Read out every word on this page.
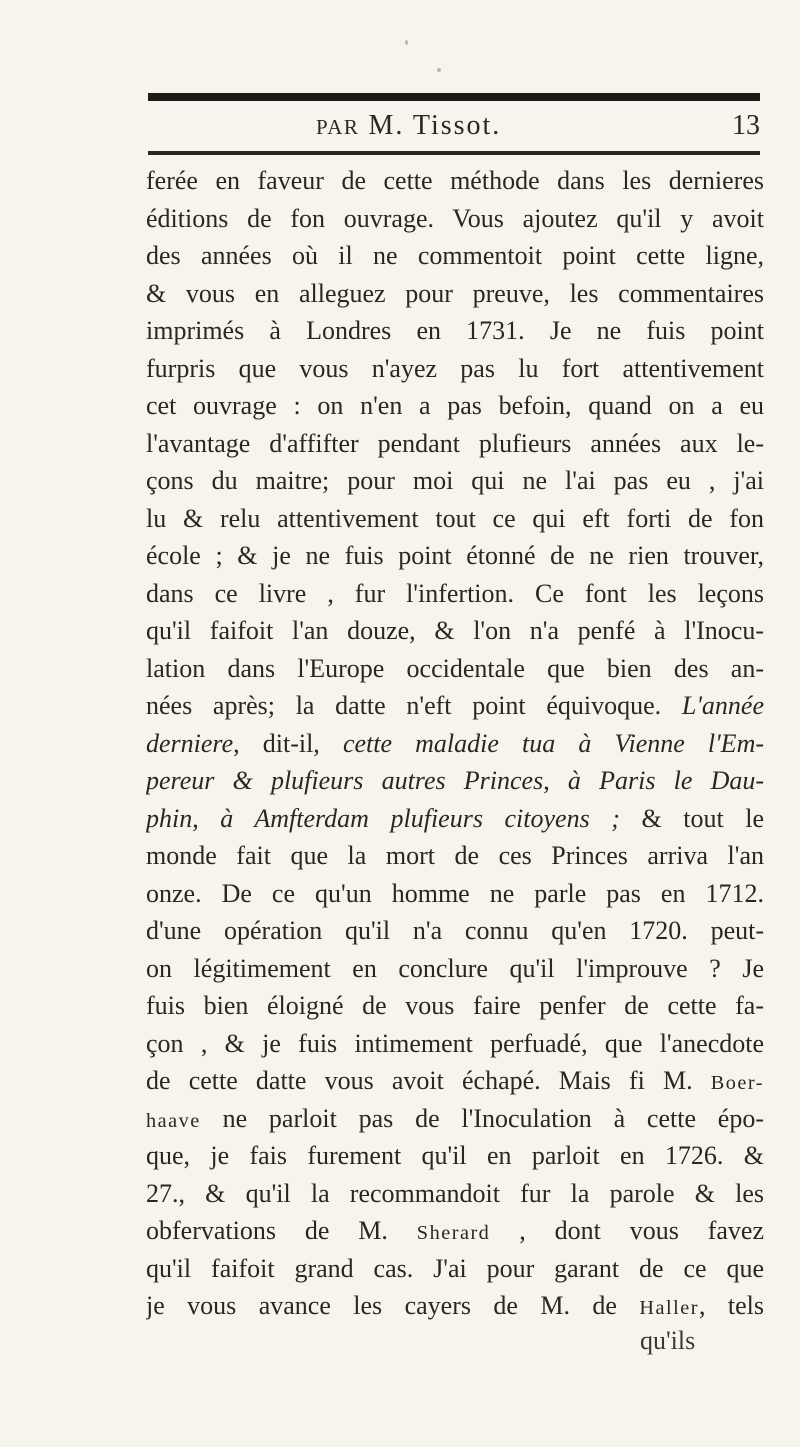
PAR M. Tissot.	13
ferée en faveur de cette méthode dans les dernieres
éditions de fon ouvrage. Vous ajoutez qu'il y avoit
des années où il ne commentoit point cette ligne,
& vous en alleguez pour preuve, les commentaires
imprimés à Londres en 1731. Je ne fuis point
furpris que vous n'ayez pas lu fort attentivement
cet ouvrage : on n'en a pas befoin, quand on a eu
l'avantage d'affifter pendant plufieurs années aux le-
çons du maitre; pour moi qui ne l'ai pas eu , j'ai
lu & relu attentivement tout ce qui eft forti de fon
école ; & je ne fuis point étonné de ne rien trouver,
dans ce livre , fur l'infertion. Ce font les leçons
qu'il faifoit l'an douze, & l'on n'a penfé à l'Inocu-
lation dans l'Europe occidentale que bien des an-
nées après; la datte n'eft point équivoque. L'année
derniere, dit-il, cette maladie tua à Vienne l'Em-
pereur & plufieurs autres Princes, à Paris le Dau-
phin, à Amfterdam plufieurs citoyens ; & tout le
monde fait que la mort de ces Princes arriva l'an
onze. De ce qu'un homme ne parle pas en 1712.
d'une opération qu'il n'a connu qu'en 1720. peut-
on légitimement en conclure qu'il l'improuve ? Je
fuis bien éloigné de vous faire penfer de cette fa-
çon , & je fuis intimement perfuadé, que l'anecdote
de cette datte vous avoit échapé. Mais fi M. Boer-
haave ne parloit pas de l'Inoculation à cette épo-
que, je fais furement qu'il en parloit en 1726. &
27., & qu'il la recommandoit fur la parole & les
obfervations de M. Sherard , dont vous favez
qu'il faifoit grand cas. J'ai pour garant de ce que
je vous avance les cayers de M. de Haller, tels
qu'ils
